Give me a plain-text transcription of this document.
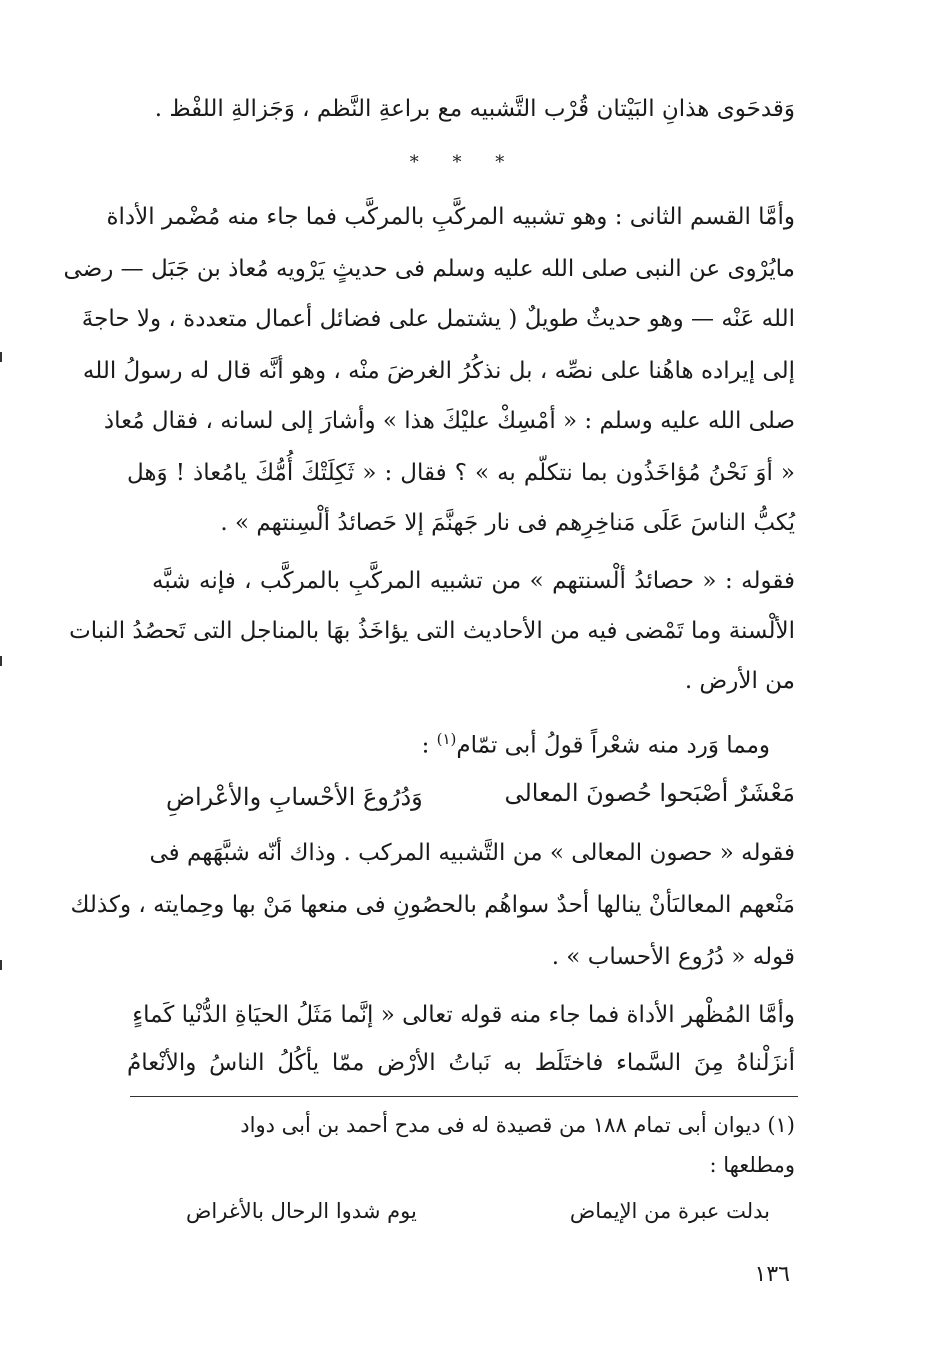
وَقدحَوى هذانِ البَيْتان قُرْب التَّشبيه مع براعةِ النَّظم ، وَجَزالةِ اللفْظ .

* * *

وأمَّا القسم الثانى : وهو تشبيه المركَّبِ بالمركَّب فما جاء منه مُضْمر الأداة

مايُرْوى عن النبى صلى الله عليه وسلم فى حديثٍ يَرْويه مُعاذ بن جَبَل — رضى

الله عَنْه — وهو حديثٌ طويلٌ ( يشتمل على فضائل أعمال متعددة ، ولا حاجةَ

إلى إيراده هاهُنا على نصِّه ، بل نذكُرُ الغرضَ منْه ، وهو أنَّه قال له رسولُ الله

صلى الله عليه وسلم : « أمْسِكْ عليْكَ هذا » وأشارَ إلى لسانه ، فقال مُعاذ

« أوَ نَحْنُ مُؤاخَذُون بما نتكلّم به » ؟ فقال : « ثَكِلَتْكَ أُمُّكَ يامُعاذ ! وَهل

يُكبُّ الناسَ عَلَى مَناخِرِهم فى نار جَهنَّمَ إلا حَصائدُ ألْسِنتهم » .

فقوله : « حصائدُ ألْسنتهم » من تشبيه المركَّبِ بالمركَّب ، فإنه شبَّه

الألْسنة وما تَمْضى فيه من الأحاديث التى يؤاخَذُ بهَا بالمناجل التى تَحصُدُ النبات

من الأرض .

ومما وَرد منه شعْراً قولُ أبى تمّام$^{(١)}$ :

مَعْشَرٌ أصْبَحوا حُصونَ المعالى
وَدُرُوعَ الأحْسابِ والأعْراضِ

فقوله « حصون المعالى » من التَّشبيه المركب . وذاك أنّه شبَّهَهم فى

مَنْعهم المعالىَأنْ ينالها أحدٌ سواهُم بالحصُونِ فى منعها مَنْ بها وحِمايته ، وكذلك

قوله « دُرُوع الأحساب » .

وأمَّا المُظْهر الأداة فما جاء منه قوله تعالى « إنَّما مَثَلُ الحيَاةِ الدُّنْيا كَماءٍ

أنزَلْناهُ مِنَ السَّماء فاختَلَط به نَباتُ الأرْض ممّا يأكُلُ الناسُ والأنْعامُ

(١) ديوان أبى تمام ١٨٨ من قصيدة له فى مدح أحمد بن أبى دواد
ومطلعها :
بدلت عبرة من الإيماض
يوم شدوا الرحال بالأغراض
١٣٦
